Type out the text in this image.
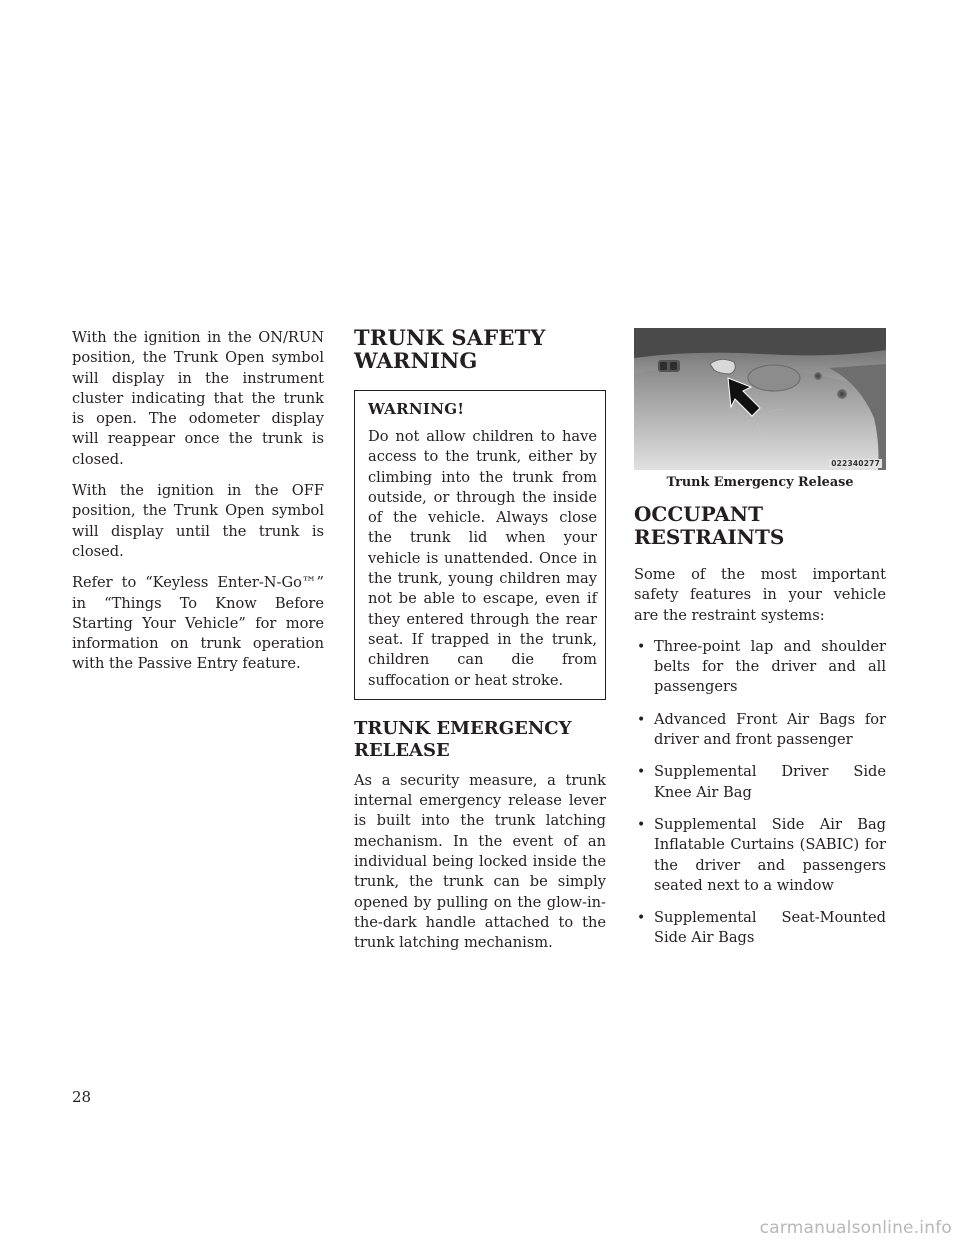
With the ignition in the ON/RUN position, the Trunk Open symbol will display in the instrument cluster indicating that the trunk is open. The odometer display will reappear once the trunk is closed.

With the ignition in the OFF position, the Trunk Open symbol will display until the trunk is closed.

Refer to “Keyless Enter-N-Go™” in “Things To Know Before Starting Your Vehicle” for more information on trunk operation with the Passive Entry feature.

TRUNK SAFETY
WARNING
WARNING!

Do not allow children to have access to the trunk, either by climbing into the trunk from outside, or through the inside of the vehicle. Always close the trunk lid when your vehicle is unattended. Once in the trunk, young children may not be able to escape, even if they entered through the rear seat. If trapped in the trunk, children can die from suffocation or heat stroke.

TRUNK EMERGENCY
RELEASE

As a security measure, a trunk internal emergency release lever is built into the trunk latching mechanism. In the event of an individual being locked inside the trunk, the trunk can be simply opened by pulling on the glow-in-the-dark handle attached to the trunk latching mechanism.

022340277
Trunk Emergency Release
OCCUPANT RESTRAINTS

Some of the most important safety features in your vehicle are the restraint systems:

• Three-point lap and shoulder belts for the driver and all passengers
• Advanced Front Air Bags for driver and front passenger
• Supplemental Driver Side Knee Air Bag
• Supplemental Side Air Bag Inflatable Curtains (SABIC) for the driver and passengers seated next to a window
• Supplemental Seat-Mounted Side Air Bags
28
carmanualsonline.info
